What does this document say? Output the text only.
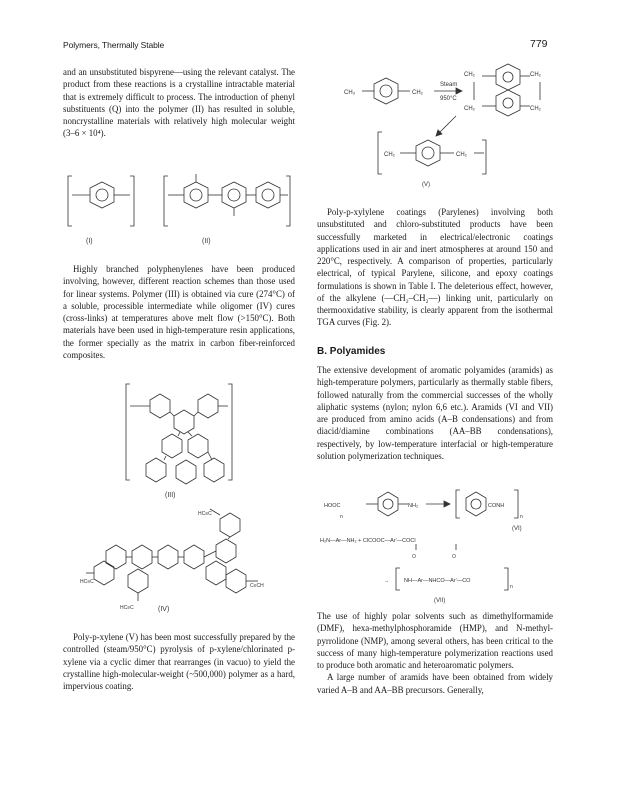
Polymers, Thermally Stable	779

and an unsubstituted bispyrene—using the relevant catalyst. The product from these reactions is a crystalline intractable material that is extremely difficult to process. The introduction of phenyl substituents (Q) into the polymer (II) has resulted in soluble, noncrystalline materials with relatively high molecular weight (3–6 × 10⁴).

(I)	(II)

Highly branched polyphenylenes have been produced involving, however, different reaction schemes than those used for linear systems. Polymer (III) is obtained via cure (274°C) of a soluble, processible intermediate while oligomer (IV) cures (cross-links) at temperatures above melt flow (>150°C). Both materials have been used in high-temperature resin applications, the former specially as the matrix in carbon fiber-reinforced composites.

(III)
HC≡C
HC≡C
C≡CH
HC≡C	(IV)

Poly-p-xylene (V) has been most successfully prepared by the controlled (steam/950°C) pyrolysis of p-xylene/chlorinated p-xylene via a cyclic dimer that rearranges (in vacuo) to yield the crystalline high-molecular-weight (~500,000) polymer as a hard, impervious coating.

CH₃	CH₂
Steam
950°C
CH₂
CH₂
CH₂
CH₂
CH₂	CH₂
(V)

Poly-p-xylylene coatings (Parylenes) involving both unsubstituted and chloro-substituted products have been successfully marketed in electrical/electronic coatings applications used in air and inert atmospheres at around 150 and 220°C, respectively. A comparison of properties, particularly electrical, of typical Parylene, silicone, and epoxy coatings formulations is shown in Table I. The deleterious effect, however, of the alkylene (—CH₂–CH₂—) linking unit, particularly on thermooxidative stability, is clearly apparent from the isothermal TGA curves (Fig. 2).

B. Polyamides

The extensive development of aromatic polyamides (aramids) as high-temperature polymers, particularly as thermally stable fibers, followed naturally from the commercial successes of the wholly aliphatic systems (nylon; nylon 6,6 etc.). Aramids (VI and VII) are produced from amino acids (A–B condensations) and from diacid/diamine combinations (AA–BB condensations), respectively, by low-temperature interfacial or high-temperature solution polymerization techniques.

HOOC	NH₂	CONH
n	n
(VI)
H₂N—Ar—NH₂ + ClCOOC—Ar'—COCl
O	O
→	NH—Ar—NHCO—Ar'—CO
n
(VII)

The use of highly polar solvents such as dimethylformamide (DMF), hexa-methylphosphoramide (HMP), and N-methyl-pyrrolidone (NMP), among several others, has been critical to the success of many high-temperature polymerization reactions used to produce both aromatic and heteroaromatic polymers.

A large number of aramids have been obtained from widely varied A–B and AA–BB precursors. Generally,
